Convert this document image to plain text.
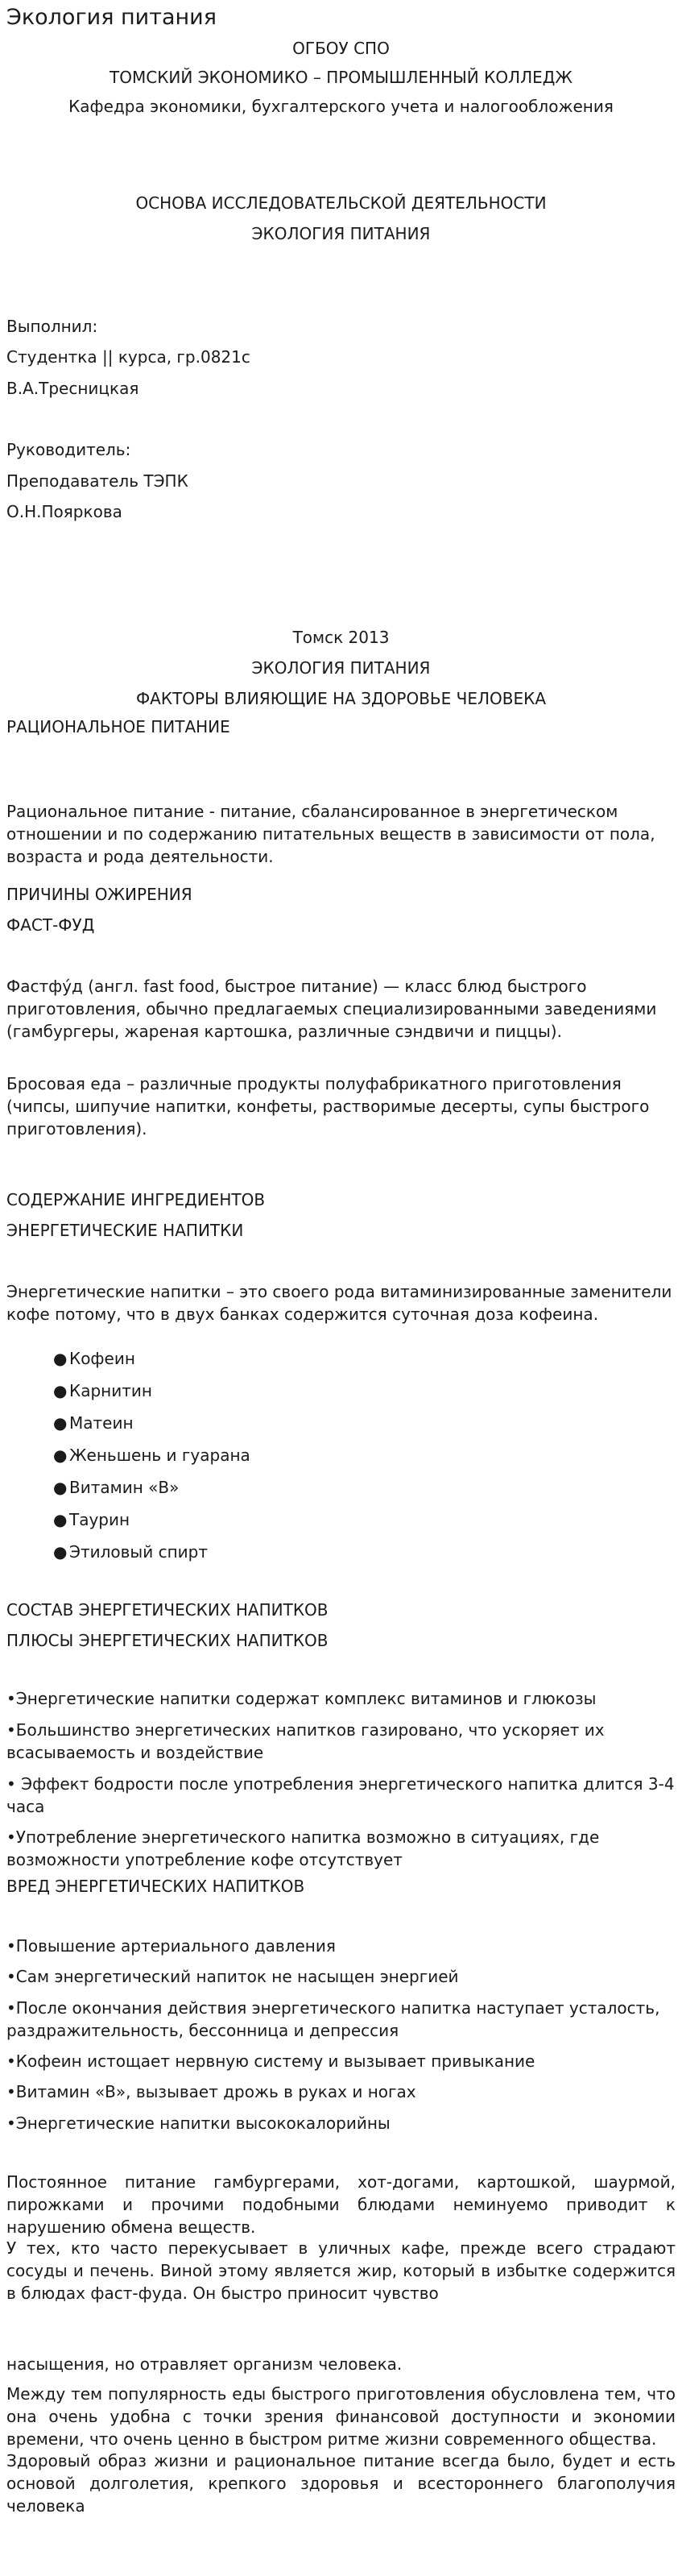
Экология питания

ОГБОУ СПО

ТОМСКИЙ ЭКОНОМИКО – ПРОМЫШЛЕННЫЙ КОЛЛЕДЖ

Кафедра экономики, бухгалтерского учета и налогообложения

ОСНОВА ИССЛЕДОВАТЕЛЬСКОЙ ДЕЯТЕЛЬНОСТИ

ЭКОЛОГИЯ ПИТАНИЯ

Выполнил:

Студентка || курса, гр.0821с

В.А.Тресницкая

Руководитель:

Преподаватель ТЭПК

О.Н.Пояркова

Томск 2013

ЭКОЛОГИЯ ПИТАНИЯ

ФАКТОРЫ ВЛИЯЮЩИЕ НА ЗДОРОВЬЕ ЧЕЛОВЕКА

РАЦИОНАЛЬНОЕ ПИТАНИЕ

Рациональное питание - питание, сбалансированное в энергетическом отношении и по содержанию питательных веществ в зависимости от пола, возраста и рода деятельности.

ПРИЧИНЫ ОЖИРЕНИЯ

ФАСТ-ФУД

Фастфу́д (англ. fast food, быстрое питание) — класс блюд быстрого приготовления, обычно предлагаемых специализированными заведениями (гамбургеры, жареная картошка, различные сэндвичи и пиццы).

Бросовая еда – различные продукты полуфабрикатного приготовления (чипсы, шипучие напитки, конфеты, растворимые десерты, супы быстрого приготовления).

СОДЕРЖАНИЕ ИНГРЕДИЕНТОВ

ЭНЕРГЕТИЧЕСКИЕ НАПИТКИ

Энергетические напитки – это своего рода витаминизированные заменители кофе потому, что в двух банках содержится суточная доза кофеина.

● Кофеин
● Карнитин
● Матеин
● Женьшень и гуарана
● Витамин «В»
● Таурин
● Этиловый спирт

СОСТАВ ЭНЕРГЕТИЧЕСКИХ НАПИТКОВ

ПЛЮСЫ ЭНЕРГЕТИЧЕСКИХ НАПИТКОВ

•Энергетические напитки содержат комплекс витаминов и глюкозы

•Большинство энергетических напитков газировано, что ускоряет их всасываемость и воздействие

• Эффект бодрости после употребления энергетического напитка длится 3-4 часа

•Употребление энергетического напитка возможно в ситуациях, где возможности употребление кофе отсутствует

ВРЕД ЭНЕРГЕТИЧЕСКИХ НАПИТКОВ

•Повышение артериального давления

•Сам энергетический напиток не насыщен энергией

•После окончания действия энергетического напитка наступает усталость, раздражительность, бессонница и депрессия

•Кофеин истощает нервную систему и вызывает привыкание

•Витамин «В», вызывает дрожь в руках и ногах

•Энергетические напитки высококалорийны

Постоянное питание гамбургерами, хот-догами, картошкой, шаурмой, пирожками и прочими подобными блюдами неминуемо приводит к нарушению обмена веществ.

У тех, кто часто перекусывает в уличных кафе, прежде всего страдают сосуды и печень. Виной этому является жир, который в избытке содержится в блюдах фаст-фуда. Он быстро приносит чувство

насыщения, но отравляет организм человека.

Между тем популярность еды быстрого приготовления обусловлена тем, что она очень удобна с точки зрения финансовой доступности и экономии времени, что очень ценно в быстром ритме жизни современного общества.

Здоровый образ жизни и рациональное питание всегда было, будет и есть основой долголетия, крепкого здоровья и всестороннего благополучия человека
